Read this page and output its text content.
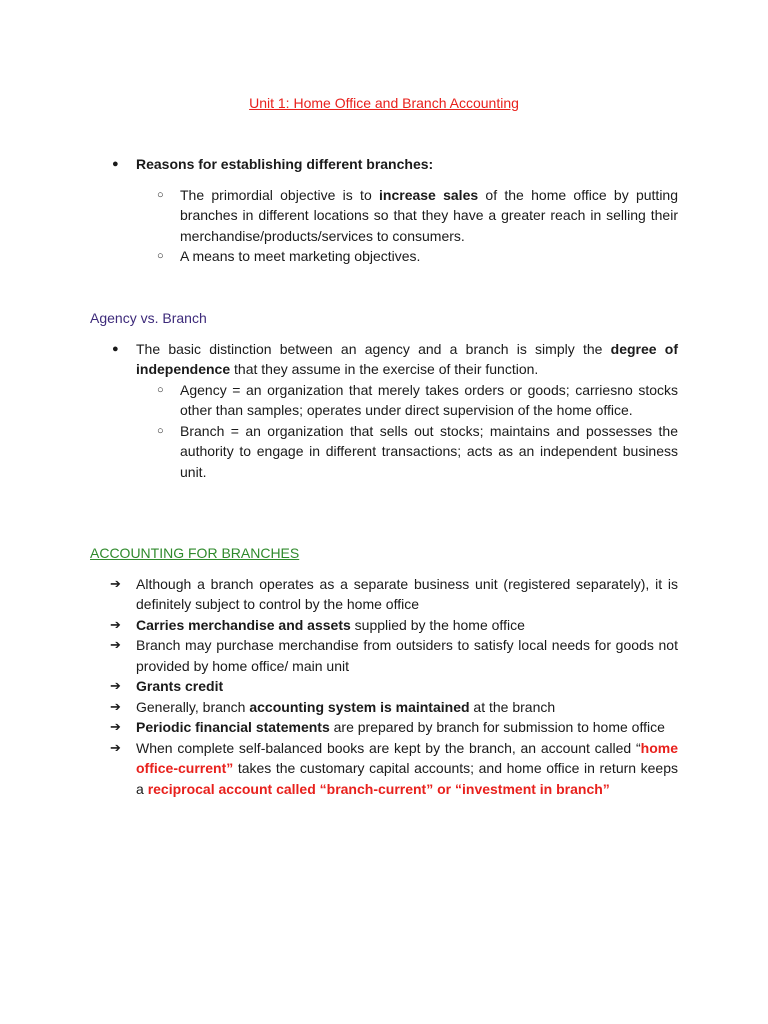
Unit 1: Home Office and Branch Accounting
● Reasons for establishing different branches:
○ The primordial objective is to increase sales of the home office by putting branches in different locations so that they have a greater reach in selling their merchandise/products/services to consumers.
○ A means to meet marketing objectives.
Agency vs. Branch
● The basic distinction between an agency and a branch is simply the degree of independence that they assume in the exercise of their function.
○ Agency = an organization that merely takes orders or goods; carriesno stocks other than samples; operates under direct supervision of the home office.
○ Branch = an organization that sells out stocks; maintains and possesses the authority to engage in different transactions; acts as an independent business unit.
ACCOUNTING FOR BRANCHES
➔ Although a branch operates as a separate business unit (registered separately), it is definitely subject to control by the home office
➔ Carries merchandise and assets supplied by the home office
➔ Branch may purchase merchandise from outsiders to satisfy local needs for goods not provided by home office/ main unit
➔ Grants credit
➔ Generally, branch accounting system is maintained at the branch
➔ Periodic financial statements are prepared by branch for submission to home office
➔ When complete self-balanced books are kept by the branch, an account called “home office-current” takes the customary capital accounts; and home office in return keeps a reciprocal account called “branch-current” or “investment in branch”
